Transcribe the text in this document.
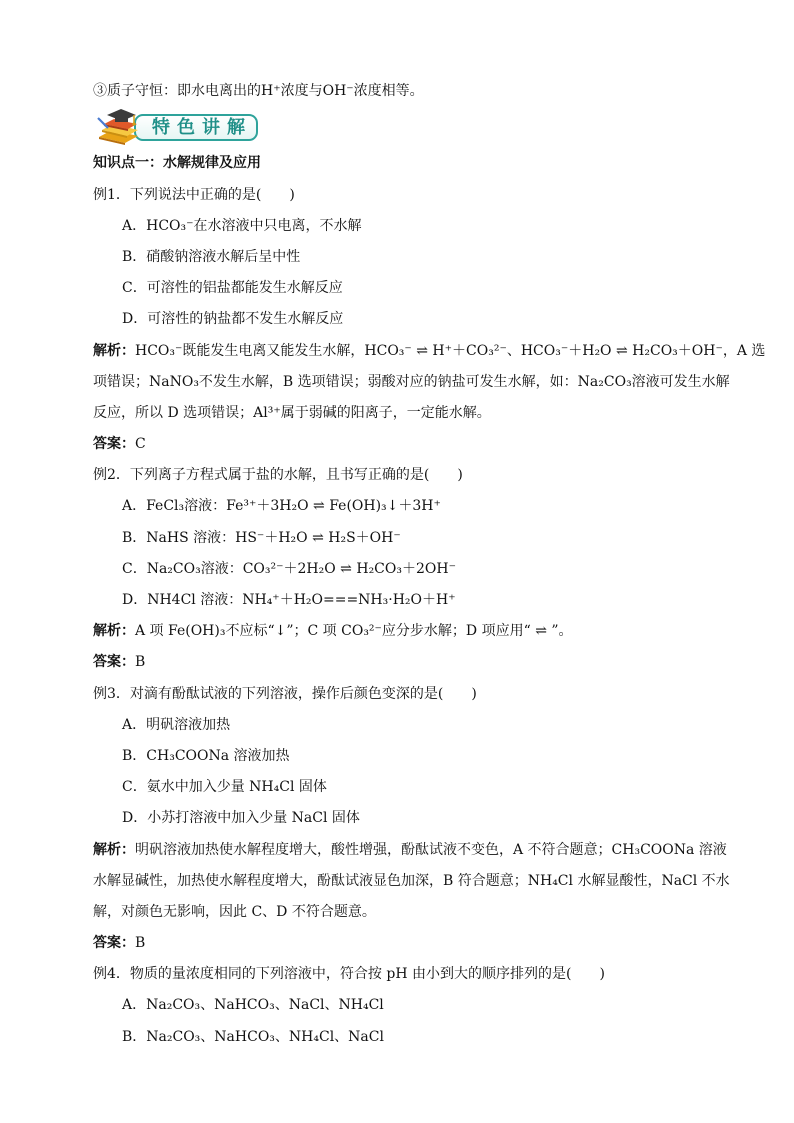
③质子守恒：即水电离出的H⁺浓度与OH⁻浓度相等。
特色讲解
知识点一：水解规律及应用
例1．下列说法中正确的是(　　)
A．HCO₃⁻在水溶液中只电离，不水解
B．硝酸钠溶液水解后呈中性
C．可溶性的铝盐都能发生水解反应
D．可溶性的钠盐都不发生水解反应
解析：HCO₃⁻既能发生电离又能发生水解，HCO₃⁻ ⇌ H⁺＋CO₃²⁻、HCO₃⁻＋H₂O ⇌ H₂CO₃＋OH⁻，A 选
项错误；NaNO₃不发生水解，B 选项错误；弱酸对应的钠盐可发生水解，如：Na₂CO₃溶液可发生水解
反应，所以 D 选项错误；Al³⁺属于弱碱的阳离子，一定能水解。
答案：C
例2．下列离子方程式属于盐的水解，且书写正确的是(　　)
A．FeCl₃溶液：Fe³⁺＋3H₂O ⇌ Fe(OH)₃↓＋3H⁺
B．NaHS 溶液：HS⁻＋H₂O ⇌ H₂S＋OH⁻
C．Na₂CO₃溶液：CO₃²⁻＋2H₂O ⇌ H₂CO₃＋2OH⁻
D．NH4Cl 溶液：NH₄⁺＋H₂O===NH₃·H₂O＋H⁺
解析：A 项 Fe(OH)₃不应标“↓”；C 项 CO₃²⁻应分步水解；D 项应用“ ⇌ ”。
答案：B
例3．对滴有酚酞试液的下列溶液，操作后颜色变深的是(　　)
A．明矾溶液加热
B．CH₃COONa 溶液加热
C．氨水中加入少量 NH₄Cl 固体
D．小苏打溶液中加入少量 NaCl 固体
解析：明矾溶液加热使水解程度增大，酸性增强，酚酞试液不变色，A 不符合题意；CH₃COONa 溶液
水解显碱性，加热使水解程度增大，酚酞试液显色加深，B 符合题意；NH₄Cl 水解显酸性，NaCl 不水
解，对颜色无影响，因此 C、D 不符合题意。
答案：B
例4．物质的量浓度相同的下列溶液中，符合按 pH 由小到大的顺序排列的是(　　)
A．Na₂CO₃、NaHCO₃、NaCl、NH₄Cl
B．Na₂CO₃、NaHCO₃、NH₄Cl、NaCl
